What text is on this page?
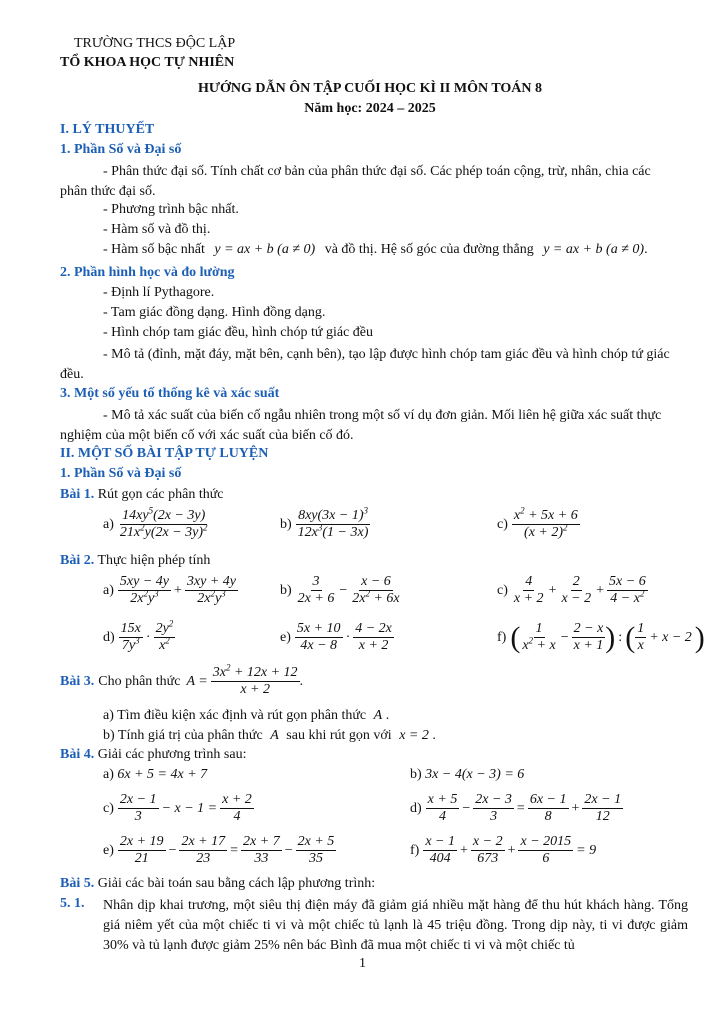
TRƯỜNG THCS ĐỘC LẬP
TỔ KHOA HỌC TỰ NHIÊN
HƯỚNG DẪN ÔN TẬP CUỐI HỌC KÌ II MÔN TOÁN 8
Năm học: 2024 – 2025
I. LÝ THUYẾT
1. Phần Số và Đại số
- Phân thức đại số. Tính chất cơ bản của phân thức đại số. Các phép toán cộng, trừ, nhân, chia các phân thức đại số.
- Phương trình bậc nhất.
- Hàm số và đồ thị.
- Hàm số bậc nhất y = ax + b (a ≠ 0) và đồ thị. Hệ số góc của đường thẳng y = ax + b (a ≠ 0).
2. Phần hình học và đo lường
- Định lí Pythagore.
- Tam giác đồng dạng. Hình đồng dạng.
- Hình chóp tam giác đều, hình chóp tứ giác đều
- Mô tả (đỉnh, mặt đáy, mặt bên, cạnh bên), tạo lập được hình chóp tam giác đều và hình chóp tứ giác đều.
3. Một số yếu tố thống kê và xác suất
- Mô tả xác suất của biến cố ngẫu nhiên trong một số ví dụ đơn giản. Mối liên hệ giữa xác suất thực nghiệm của một biến cố với xác suất của biến cố đó.
II. MỘT SỐ BÀI TẬP TỰ LUYỆN
1. Phần Số và Đại số
Bài 1. Rút gọn các phân thức
$a) \frac{14xy^5(2x - 3y)}{21x^2y(2x - 3y)^2}$	$b) \frac{8xy(3x - 1)^3}{12x^3(1 - 3x)}$	$c) \frac{x^2 + 5x + 6}{(x + 2)^2}$
Bài 2. Thực hiện phép tính
$a) \frac{5xy - 4y}{2x^2y^3} + \frac{3xy + 4y}{2x^2y^3}$	$b) \frac{3}{2x + 6} - \frac{x - 6}{2x^2 + 6x}$	$c) \frac{4}{x + 2} + \frac{2}{x - 2} + \frac{5x - 6}{4 - x^2}$
$d) \frac{15x}{7y^3} \cdot \frac{2y^2}{x^2}$	$e) \frac{5x + 10}{4x - 8} \cdot \frac{4 - 2x}{x + 2}$	f) ( $\frac{1}{x^2 + x} - \frac{2 - x}{x + 1}$ ) : ( $\frac{1}{x} + x - 2$ )
Bài 3. Cho phân thức $A = \frac{3x^2 + 12x + 12}{x + 2}$ .
a) Tìm điều kiện xác định và rút gọn phân thức A .
b) Tính giá trị của phân thức A sau khi rút gọn với x = 2 .
Bài 4. Giải các phương trình sau:
a) 6x + 5 = 4x + 7	b) 3x − 4(x − 3) = 6
$c) \frac{2x - 1}{3} - x - 1 = \frac{x + 2}{4}$	$d) \frac{x + 5}{4} - \frac{2x - 3}{3} = \frac{6x - 1}{8} + \frac{2x - 1}{12}$
$e) \frac{2x + 19}{21} - \frac{2x + 17}{23} = \frac{2x + 7}{33} - \frac{2x + 5}{35}$	$f) \frac{x - 1}{404} + \frac{x - 2}{673} + \frac{x - 2015}{6} = 9$
Bài 5. Giải các bài toán sau bằng cách lập phương trình:
5. 1. Nhân dịp khai trương, một siêu thị điện máy đã giảm giá nhiều mặt hàng để thu hút khách hàng. Tổng giá niêm yết của một chiếc ti vi và một chiếc tủ lạnh là 45 triệu đồng. Trong dịp này, ti vi được giảm 30% và tủ lạnh được giảm 25% nên bác Bình đã mua một chiếc ti vi và một chiếc tủ
1
